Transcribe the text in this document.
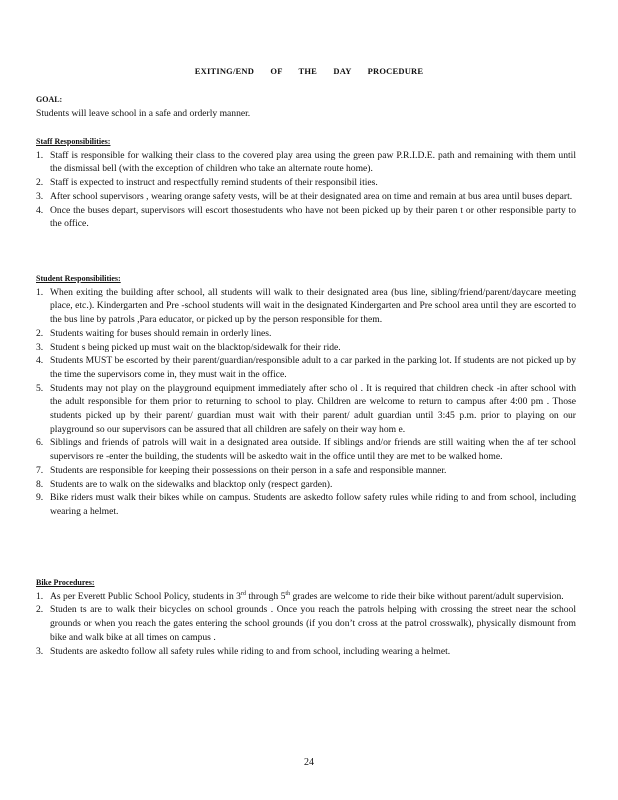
EXITING/END OF THE DAY PROCEDURE
GOAL:
Students will leave school in a safe and orderly manner.
Staff Responsibilities:
1. Staff is responsible for walking their class to the covered play area using the green paw P.R.I.D.E. path and remaining with them until the dismissal bell (with the exception of children who take an alternate route home).
2. Staff is expected to instruct and respectfully remind students of their responsibil ities.
3. After school supervisors , wearing orange safety vests, will be at their designated area on time and remain at bus area until buses depart.
4. Once the buses depart, supervisors will escort thosestudents who have not been picked up by their paren t or other responsible party to the office.
Student Responsibilities:
1. When exiting the building after school, all students will walk to their designated area (bus line, sibling/friend/parent/daycare meeting place, etc.). Kindergarten and Pre -school students will wait in the designated Kindergarten and Pre school area until they are escorted to the bus line by patrols ,Para educator, or picked up by the person responsible for them.
2. Students waiting for buses should remain in orderly lines.
3. Student s being picked up must wait on the blacktop/sidewalk for their ride.
4. Students MUST be escorted by their parent/guardian/responsible adult to a car parked in the parking lot. If students are not picked up by the time the supervisors come in, they must wait in the office.
5. Students may not play on the playground equipment immediately after scho ol . It is required that children check -in after school with the adult responsible for them prior to returning to school to play. Children are welcome to return to campus after 4:00 pm . Those students picked up by their parent/ guardian must wait with their parent/ adult guardian until 3:45 p.m. prior to playing on our playground so our supervisors can be assured that all children are safely on their way hom e.
6. Siblings and friends of patrols will wait in a designated area outside. If siblings and/or friends are still waiting when the af ter school supervisors re -enter the building, the students will be askedto wait in the office until they are met to be walked home.
7. Students are responsible for keeping their possessions on their person in a safe and responsible manner.
8. Students are to walk on the sidewalks and blacktop only (respect garden).
9. Bike riders must walk their bikes while on campus. Students are askedto follow safety rules while riding to and from school, including wearing a helmet.
Bike Procedures:
1. As per Everett Public School Policy, students in 3rd through 5th grades are welcome to ride their bike without parent/adult supervision.
2. Studen ts are to walk their bicycles on school grounds . Once you reach the patrols helping with crossing the street near the school grounds or when you reach the gates entering the school grounds (if you don’t cross at the patrol crosswalk), physically dismount from bike and walk bike at all times on campus .
3. Students are askedto follow all safety rules while riding to and from school, including wearing a helmet.
24
